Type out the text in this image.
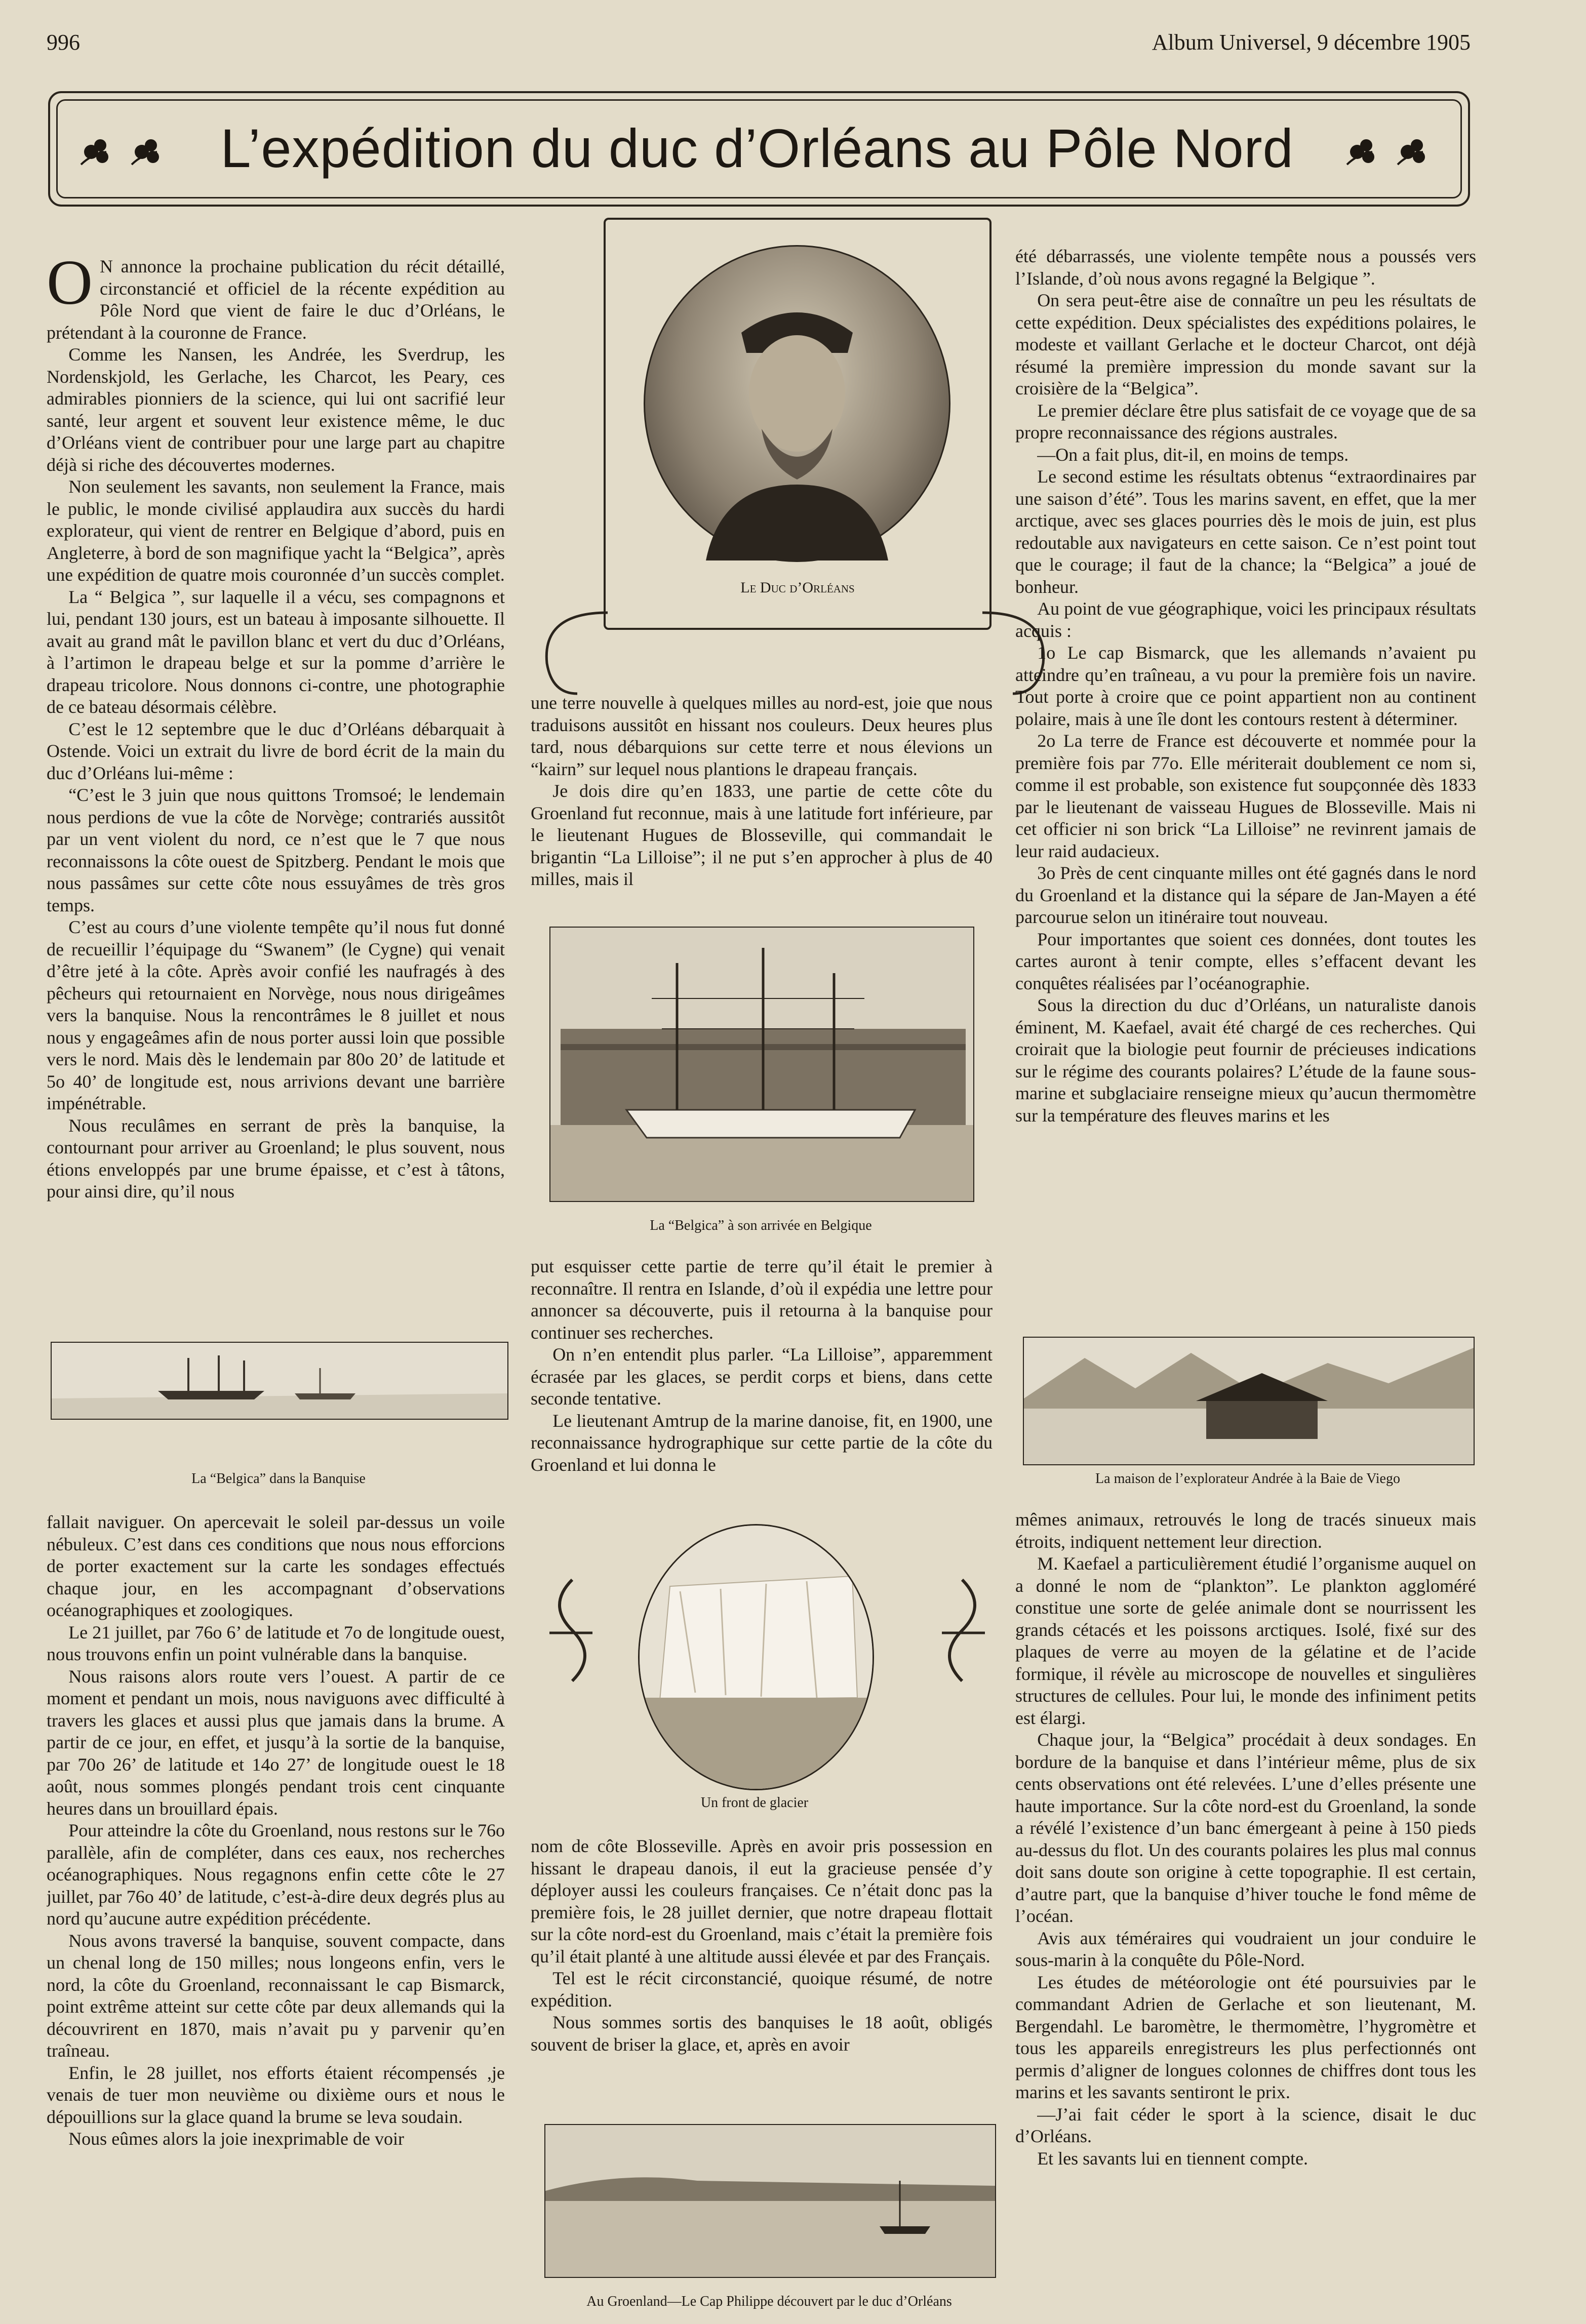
996	Album Universel, 9 décembre 1905
L’expédition du duc d’Orléans au Pôle Nord
Le Duc d’Orléans

O N annonce la prochaine publication du récit détaillé, circonstancié et officiel de la récente expédition au Pôle Nord que vient de faire le duc d’Orléans, le prétendant à la couronne de France.

Comme les Nansen, les Andrée, les Sverdrup, les Nordenskjold, les Gerlache, les Charcot, les Peary, ces admirables pionniers de la science, qui lui ont sacrifié leur santé, leur argent et souvent leur existence même, le duc d’Orléans vient de contribuer pour une large part au chapitre déjà si riche des découvertes modernes.

Non seulement les savants, non seulement la France, mais le public, le monde civilisé applaudira aux succès du hardi explorateur, qui vient de rentrer en Belgique d’abord, puis en Angleterre, à bord de son magnifique yacht la “Belgica”, après une expédition de quatre mois couronnée d’un succès complet.

La “ Belgica ”, sur laquelle il a vécu, ses compagnons et lui, pendant 130 jours, est un bateau à imposante silhouette. Il avait au grand mât le pavillon blanc et vert du duc d’Orléans, à l’artimon le drapeau belge et sur la pomme d’arrière le drapeau tricolore. Nous donnons ci-contre, une photographie de ce bateau désormais célèbre.

C’est le 12 septembre que le duc d’Orléans débarquait à Ostende. Voici un extrait du livre de bord écrit de la main du duc d’Orléans lui-même :

“C’est le 3 juin que nous quittons Tromsoé; le lendemain nous perdions de vue la côte de Norvège; contrariés aussitôt par un vent violent du nord, ce n’est que le 7 que nous reconnaissons la côte ouest de Spitzberg. Pendant le mois que nous passâmes sur cette côte nous essuyâmes de très gros temps.

C’est au cours d’une violente tempête qu’il nous fut donné de recueillir l’équipage du “Swanem” (le Cygne) qui venait d’être jeté à la côte. Après avoir confié les naufragés à des pêcheurs qui retournaient en Norvège, nous nous dirigeâmes vers la banquise. Nous la rencontrâmes le 8 juillet et nous nous y engageâmes afin de nous porter aussi loin que possible vers le nord. Mais dès le lendemain par 80o 20’ de latitude et 5o 40’ de longitude est, nous arrivions devant une barrière impénétrable.

Nous reculâmes en serrant de près la banquise, la contournant pour arriver au Groenland; le plus souvent, nous étions enveloppés par une brume épaisse, et c’est à tâtons, pour ainsi dire, qu’il nous

La “Belgica” dans la Banquise

fallait naviguer. On apercevait le soleil par-dessus un voile nébuleux. C’est dans ces conditions que nous nous efforcions de porter exactement sur la carte les sondages effectués chaque jour, en les accompagnant d’observations océanographiques et zoologiques.

Le 21 juillet, par 76o 6’ de latitude et 7o de longitude ouest, nous trouvons enfin un point vulnérable dans la banquise.

Nous raisons alors route vers l’ouest. A partir de ce moment et pendant un mois, nous naviguons avec difficulté à travers les glaces et aussi plus que jamais dans la brume. A partir de ce jour, en effet, et jusqu’à la sortie de la banquise, par 70o 26’ de latitude et 14o 27’ de longitude ouest le 18 août, nous sommes plongés pendant trois cent cinquante heures dans un brouillard épais.

Pour atteindre la côte du Groenland, nous restons sur le 76o parallèle, afin de compléter, dans ces eaux, nos recherches océanographiques. Nous regagnons enfin cette côte le 27 juillet, par 76o 40’ de latitude, c’est-à-dire deux degrés plus au nord qu’aucune autre expédition précédente.

Nous avons traversé la banquise, souvent compacte, dans un chenal long de 150 milles; nous longeons enfin, vers le nord, la côte du Groenland, reconnaissant le cap Bismarck, point extrême atteint sur cette côte par deux allemands qui la découvrirent en 1870, mais n’avait pu y parvenir qu’en traîneau.

Enfin, le 28 juillet, nos efforts étaient récompensés ,je venais de tuer mon neuvième ou dixième ours et nous le dépouillions sur la glace quand la brume se leva soudain.

Nous eûmes alors la joie inexprimable de voir

une terre nouvelle à quelques milles au nord-est, joie que nous traduisons aussitôt en hissant nos couleurs. Deux heures plus tard, nous débarquions sur cette terre et nous élevions un “kairn” sur lequel nous plantions le drapeau français.

Je dois dire qu’en 1833, une partie de cette côte du Groenland fut reconnue, mais à une latitude fort inférieure, par le lieutenant Hugues de Blosseville, qui commandait le brigantin “La Lilloise”; il ne put s’en approcher à plus de 40 milles, mais il

La “Belgica” à son arrivée en Belgique

put esquisser cette partie de terre qu’il était le premier à reconnaître. Il rentra en Islande, d’où il expédia une lettre pour annoncer sa découverte, puis il retourna à la banquise pour continuer ses recherches.

On n’en entendit plus parler. “La Lilloise”, apparemment écrasée par les glaces, se perdit corps et biens, dans cette seconde tentative.

Le lieutenant Amtrup de la marine danoise, fit, en 1900, une reconnaissance hydrographique sur cette partie de la côte du Groenland et lui donna le

Un front de glacier

nom de côte Blosseville. Après en avoir pris possession en hissant le drapeau danois, il eut la gracieuse pensée d’y déployer aussi les couleurs françaises. Ce n’était donc pas la première fois, le 28 juillet dernier, que notre drapeau flottait sur la côte nord-est du Groenland, mais c’était la première fois qu’il était planté à une altitude aussi élevée et par des Français.

Tel est le récit circonstancié, quoique résumé, de notre expédition.

Nous sommes sortis des banquises le 18 août, obligés souvent de briser la glace, et, après en avoir

Au Groenland—Le Cap Philippe découvert par le duc d’Orléans

été débarrassés, une violente tempête nous a poussés vers l’Islande, d’où nous avons regagné la Belgique ”.

On sera peut-être aise de connaître un peu les résultats de cette expédition. Deux spécialistes des expéditions polaires, le modeste et vaillant Gerlache et le docteur Charcot, ont déjà résumé la première impression du monde savant sur la croisière de la “Belgica”.

Le premier déclare être plus satisfait de ce voyage que de sa propre reconnaissance des régions australes.

—On a fait plus, dit-il, en moins de temps.

Le second estime les résultats obtenus “extraordinaires par une saison d’été”. Tous les marins savent, en effet, que la mer arctique, avec ses glaces pourries dès le mois de juin, est plus redoutable aux navigateurs en cette saison. Ce n’est point tout que le courage; il faut de la chance; la “Belgica” a joué de bonheur.

Au point de vue géographique, voici les principaux résultats acquis :

1o Le cap Bismarck, que les allemands n’avaient pu atteindre qu’en traîneau, a vu pour la première fois un navire. Tout porte à croire que ce point appartient non au continent polaire, mais à une île dont les contours restent à déterminer.

2o La terre de France est découverte et nommée pour la première fois par 77o. Elle mériterait doublement ce nom si, comme il est probable, son existence fut soupçonnée dès 1833 par le lieutenant de vaisseau Hugues de Blosseville. Mais ni cet officier ni son brick “La Lilloise” ne revinrent jamais de leur raid audacieux.

3o Près de cent cinquante milles ont été gagnés dans le nord du Groenland et la distance qui la sépare de Jan-Mayen a été parcourue selon un itinéraire tout nouveau.

Pour importantes que soient ces données, dont toutes les cartes auront à tenir compte, elles s’effacent devant les conquêtes réalisées par l’océanographie.

Sous la direction du duc d’Orléans, un naturaliste danois éminent, M. Kaefael, avait été chargé de ces recherches. Qui croirait que la biologie peut fournir de précieuses indications sur le régime des courants polaires? L’étude de la faune sous-marine et subglaciaire renseigne mieux qu’aucun thermomètre sur la température des fleuves marins et les

La maison de l’explorateur Andrée à la Baie de Viego

mêmes animaux, retrouvés le long de tracés sinueux mais étroits, indiquent nettement leur direction.

M. Kaefael a particulièrement étudié l’organisme auquel on a donné le nom de “plankton”. Le plankton aggloméré constitue une sorte de gelée animale dont se nourrissent les grands cétacés et les poissons arctiques. Isolé, fixé sur des plaques de verre au moyen de la gélatine et de l’acide formique, il révèle au microscope de nouvelles et singulières structures de cellules. Pour lui, le monde des infiniment petits est élargi.

Chaque jour, la “Belgica” procédait à deux sondages. En bordure de la banquise et dans l’intérieur même, plus de six cents observations ont été relevées. L’une d’elles présente une haute importance. Sur la côte nord-est du Groenland, la sonde a révélé l’existence d’un banc émergeant à peine à 150 pieds au-dessus du flot. Un des courants polaires les plus mal connus doit sans doute son origine à cette topographie. Il est certain, d’autre part, que la banquise d’hiver touche le fond même de l’océan.

Avis aux téméraires qui voudraient un jour conduire le sous-marin à la conquête du Pôle-Nord.

Les études de météorologie ont été poursuivies par le commandant Adrien de Gerlache et son lieutenant, M. Bergendahl. Le baromètre, le thermomètre, l’hygromètre et tous les appareils enregistreurs les plus perfectionnés ont permis d’aligner de longues colonnes de chiffres dont tous les marins et les savants sentiront le prix.

—J’ai fait céder le sport à la science, disait le duc d’Orléans.

Et les savants lui en tiennent compte.
